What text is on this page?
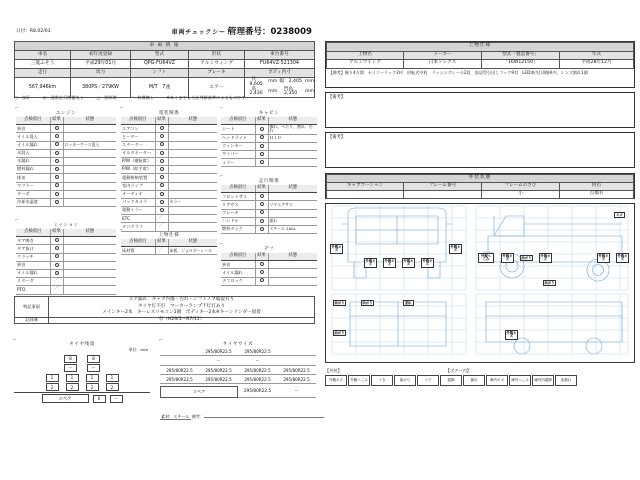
日付：R8.02/03	車両チェックシート
管理番号：0238009
車 両 情 報
車名	初年度登録	型式	形状	車台番号
三菱ふそう	平成29年01月	QPG-FU64VZ	アルミウィング	FU64VZ-521304
走行	馬力	シフト	ブレーキ	ボディ内寸
567,946km	380PS／279KW	M/T　7速	エアー	
長：9,605	mm	幅：2,405	mm
高：2,430	mm	門高：2,350	mm
○：良好	◎：通常走行問題なし	△：要修理	／：装備無し	※あくまでも当社判断基準によるものです
⌐
エンジン
点検項目	結果	状態
異音		
オイル混入		
オイル漏れ		ロッカーケース混入
水混入		
水漏れ		
燃料漏れ		
排気		
マフラー		
ターボ		
冷却水温度		
⌐
ミッション
点検項目	結果	状態
ギア鳴き		
ギア抜け		
クラッチ		
異音		
オイル漏れ		
リターダ	／	
PTO	／	
⌐
電装関係
点検項目	結果	状態
エアコン		
ヒーター		
スターター		
オルタネーター		
P/W（運転席）		
P/W（助手席）		
電動格納装置		
室内ランプ		
オーディオ		
バックカメラ		カラー
電動ミラー		
ETC	／	
タコグラフ	／	
⌐
上物仕様
点検項目	結果	状態
床材質	／	床板、ジョロダーレール
⌐
キャビン
点検項目	結果	状態
シート		擦れ、へたり、割れ、汚れ
ヘッドライト		ＨＩＤ
ウィンカー		
ワイパー		
ミラー		
⌐
走行関係
点検項目	結果	状態
フロントサス		
リアサス		リヤエアサス
ブレーキ		
ハンドル		振れ
燃料タンク		スチール 200L
⌐
デフ
点検項目	結果	状態
異音		
オイル漏れ		
デフロック		
特記事項	エア漏れ　キャブ内傷・汚れ・シフトノブ亀裂有り
タイヤ灯不灯　マーカーランプ不灯灯あり
メインキー2本　キーレスリモコン1個　ボディキー2本※キーシリンダー固着

記録簿	有（H29/5〜R7/11）
⌐
タイヤ残量
単位：mm
8	8
ー	ー
1	1	1	1
2	2	2	2
スペア	0	ー
⌐
タイヤサイズ
295/80R22.5	295/80R22.5
ー	ー
295/80R22.5	295/80R22.5	295/80R22.5	295/80R22.5
295/80R22.5	295/80R22.5	295/80R22.5	295/80R22.5
スペア	295/80R22.5	ー
素材：スチール 備考：
上物仕様			
上物名	メーカー	型式「製造番号」	年式
アルミウイング	日本トレクス	「16W12150」	平成28年12月
【備考】掘り4方開　セイコーラック2村　回転式中柱　ラッシングレール2段　鳥居型引出しフック9対　LED車内灯4個※内、レンズ割れ1個			
【備考】
【備考】
外装状態			
キャブコーション	フレーム番号	フレームのさび	何右
		小	点傷有
外観キズ
外観キズ
外観キズ
外観キズ
外観キズ
外観キズ
外観へこみ
外観キズ	曲がり	外観キズ
曲がり
キズ
外観キズ
外観キズ
曲がり	曲がり	割れ
曲がり	外観キズ
【外装】	【ボデー内】
外観 キズ 外観 へこみ	うき	曲がり	マで	腐蝕	割れ	庫内 キズ 庫内 へこみ 庫内 内腐蝕	床 割れ
